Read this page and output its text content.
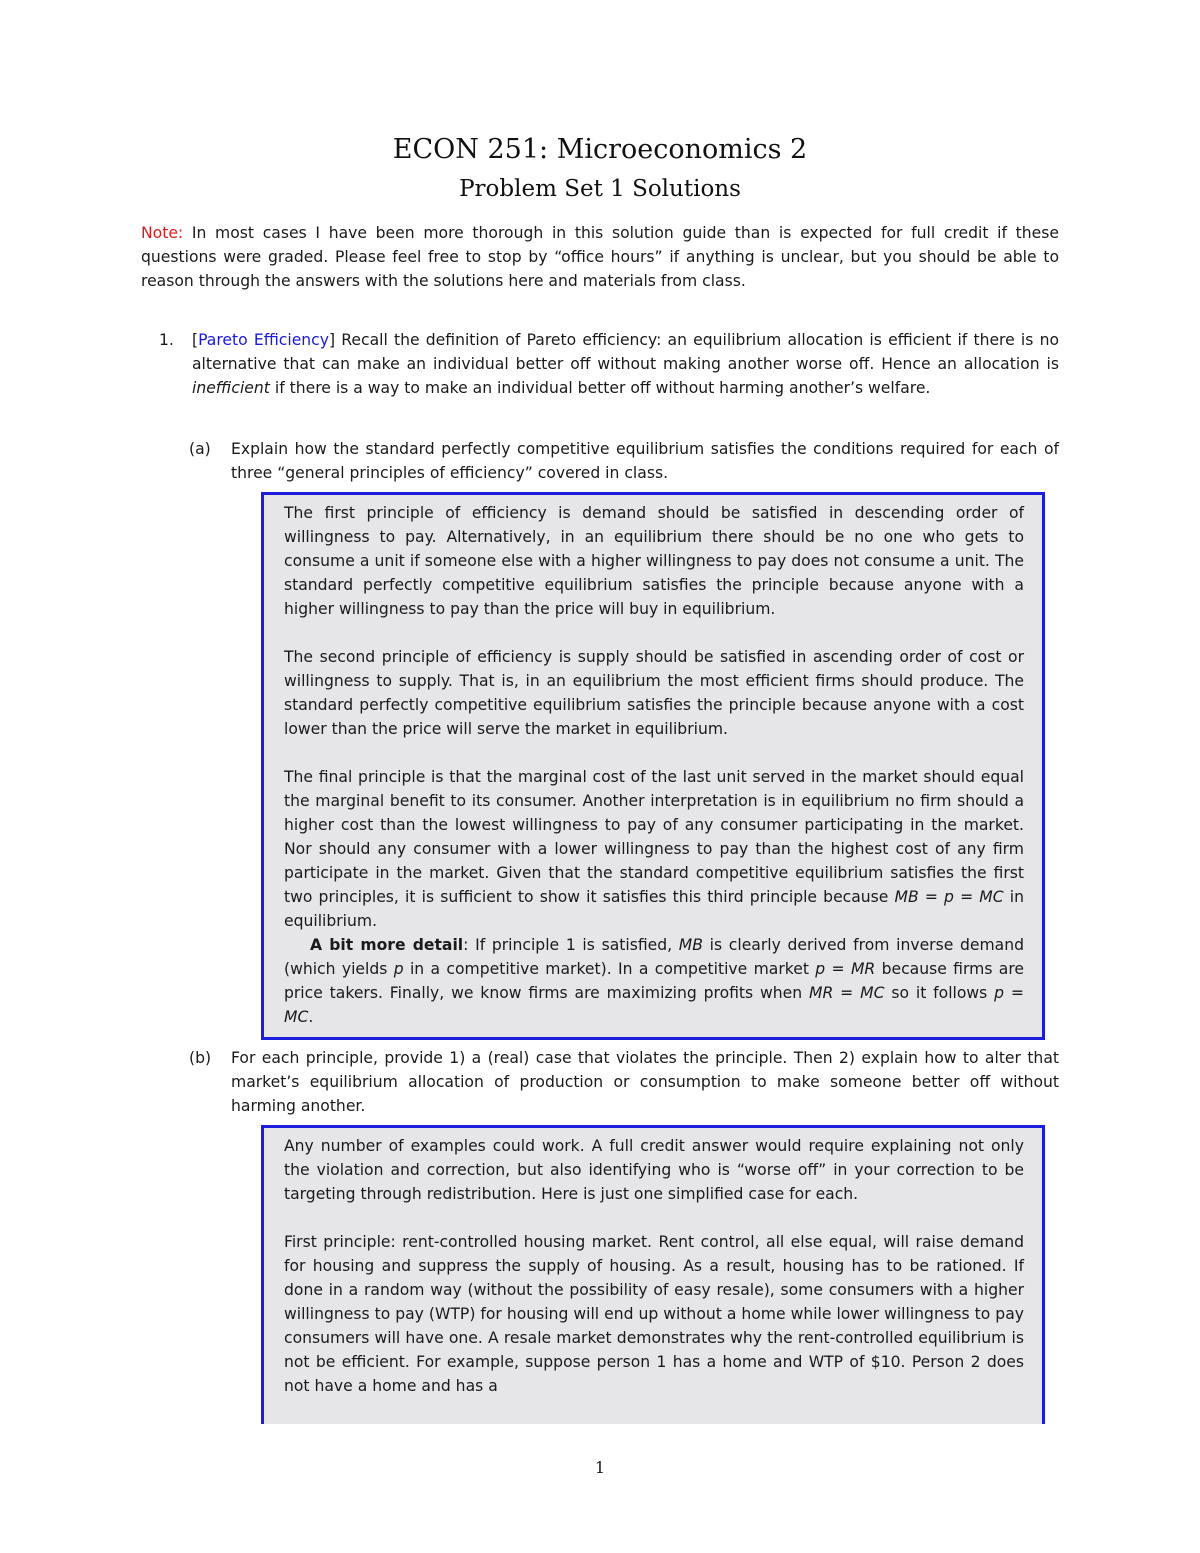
ECON 251: Microeconomics 2
Problem Set 1 Solutions
Note: In most cases I have been more thorough in this solution guide than is expected for full credit if these questions were graded. Please feel free to stop by “office hours” if anything is unclear, but you should be able to reason through the answers with the solutions here and materials from class.
1. [Pareto Efficiency] Recall the definition of Pareto efficiency: an equilibrium allocation is efficient if there is no alternative that can make an individual better off without making another worse off. Hence an allocation is inefficient if there is a way to make an individual better off without harming another’s welfare.
(a)	Explain how the standard perfectly competitive equilibrium satisfies the conditions required for each of three “general principles of efficiency” covered in class.

The first principle of efficiency is demand should be satisfied in descending order of willingness to pay. Alternatively, in an equilibrium there should be no one who gets to consume a unit if someone else with a higher willingness to pay does not consume a unit. The standard perfectly competitive equilibrium satisfies the principle because anyone with a higher willingness to pay than the price will buy in equilibrium.

The second principle of efficiency is supply should be satisfied in ascending order of cost or willingness to supply. That is, in an equilibrium the most efficient firms should produce. The standard perfectly competitive equilibrium satisfies the principle because anyone with a cost lower than the price will serve the market in equilibrium.

The final principle is that the marginal cost of the last unit served in the market should equal the marginal benefit to its consumer. Another interpretation is in equilibrium no firm should a higher cost than the lowest willingness to pay of any consumer participating in the market. Nor should any consumer with a lower willingness to pay than the highest cost of any firm participate in the market. Given that the standard competitive equilibrium satisfies the first two principles, it is sufficient to show it satisfies this third principle because MB = p = MC in equilibrium.

A bit more detail: If principle 1 is satisfied, MB is clearly derived from inverse demand (which yields p in a competitive market). In a competitive market p = MR because firms are price takers. Finally, we know firms are maximizing profits when MR = MC so it follows p = MC.

(b)	For each principle, provide 1) a (real) case that violates the principle. Then 2) explain how to alter that market’s equilibrium allocation of production or consumption to make someone better off without harming another.

Any number of examples could work. A full credit answer would require explaining not only the violation and correction, but also identifying who is “worse off” in your correction to be targeting through redistribution. Here is just one simplified case for each.

First principle: rent-controlled housing market. Rent control, all else equal, will raise demand for housing and suppress the supply of housing. As a result, housing has to be rationed. If done in a random way (without the possibility of easy resale), some consumers with a higher willingness to pay (WTP) for housing will end up without a home while lower willingness to pay consumers will have one. A resale market demonstrates why the rent-controlled equilibrium is not be efficient. For example, suppose person 1 has a home and WTP of $10. Person 2 does not have a home and has a

1
